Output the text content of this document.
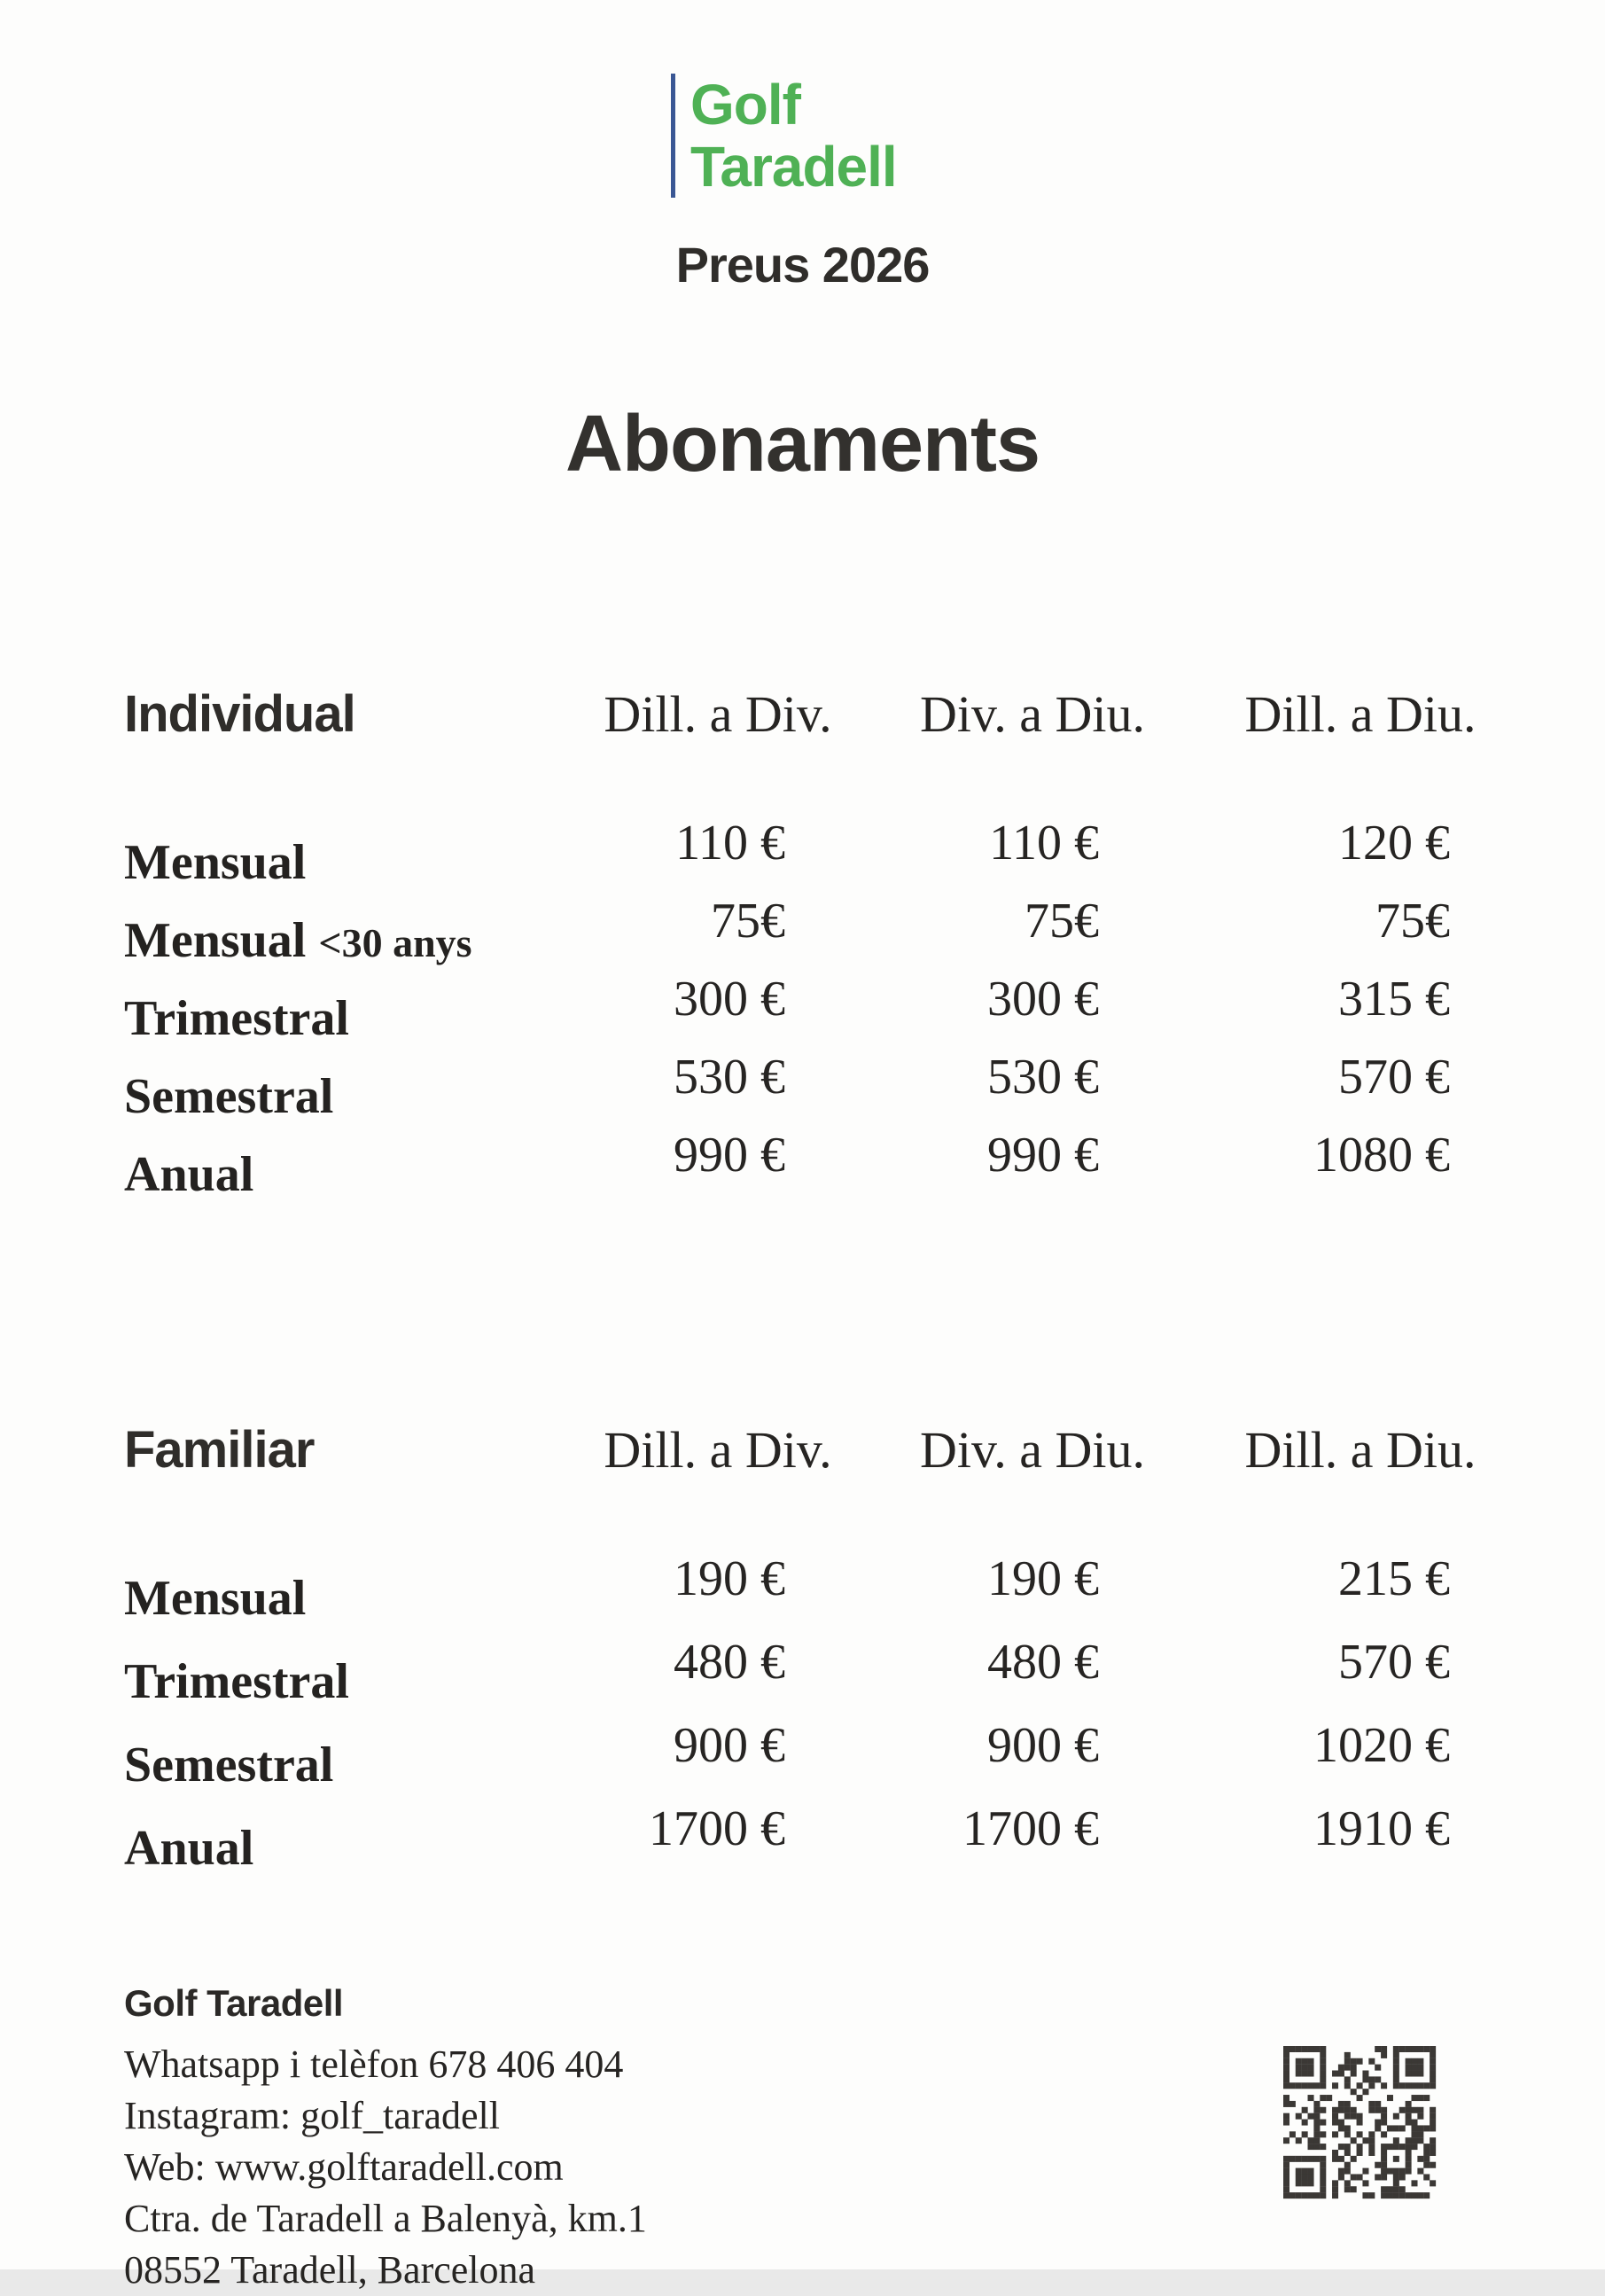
Golf
Taradell
Preus 2026
Abonaments
Individual	Dill. a Div.	Div. a Diu.	Dill. a Diu.
Mensual	110 €	110 €	120 €
Mensual <30 anys	75€	75€	75€
Trimestral	300 €	300 €	315 €
Semestral	530 €	530 €	570 €
Anual	990 €	990 €	1080 €
Familiar	Dill. a Div.	Div. a Diu.	Dill. a Diu.
Mensual	190 €	190 €	215 €
Trimestral	480 €	480 €	570 €
Semestral	900 €	900 €	1020 €
Anual	1700 €	1700 €	1910 €
Golf Taradell
Whatsapp i telèfon 678 406 404
Instagram: golf_taradell
Web: www.golftaradell.com
Ctra. de Taradell a Balenyà, km.1
08552 Taradell, Barcelona
